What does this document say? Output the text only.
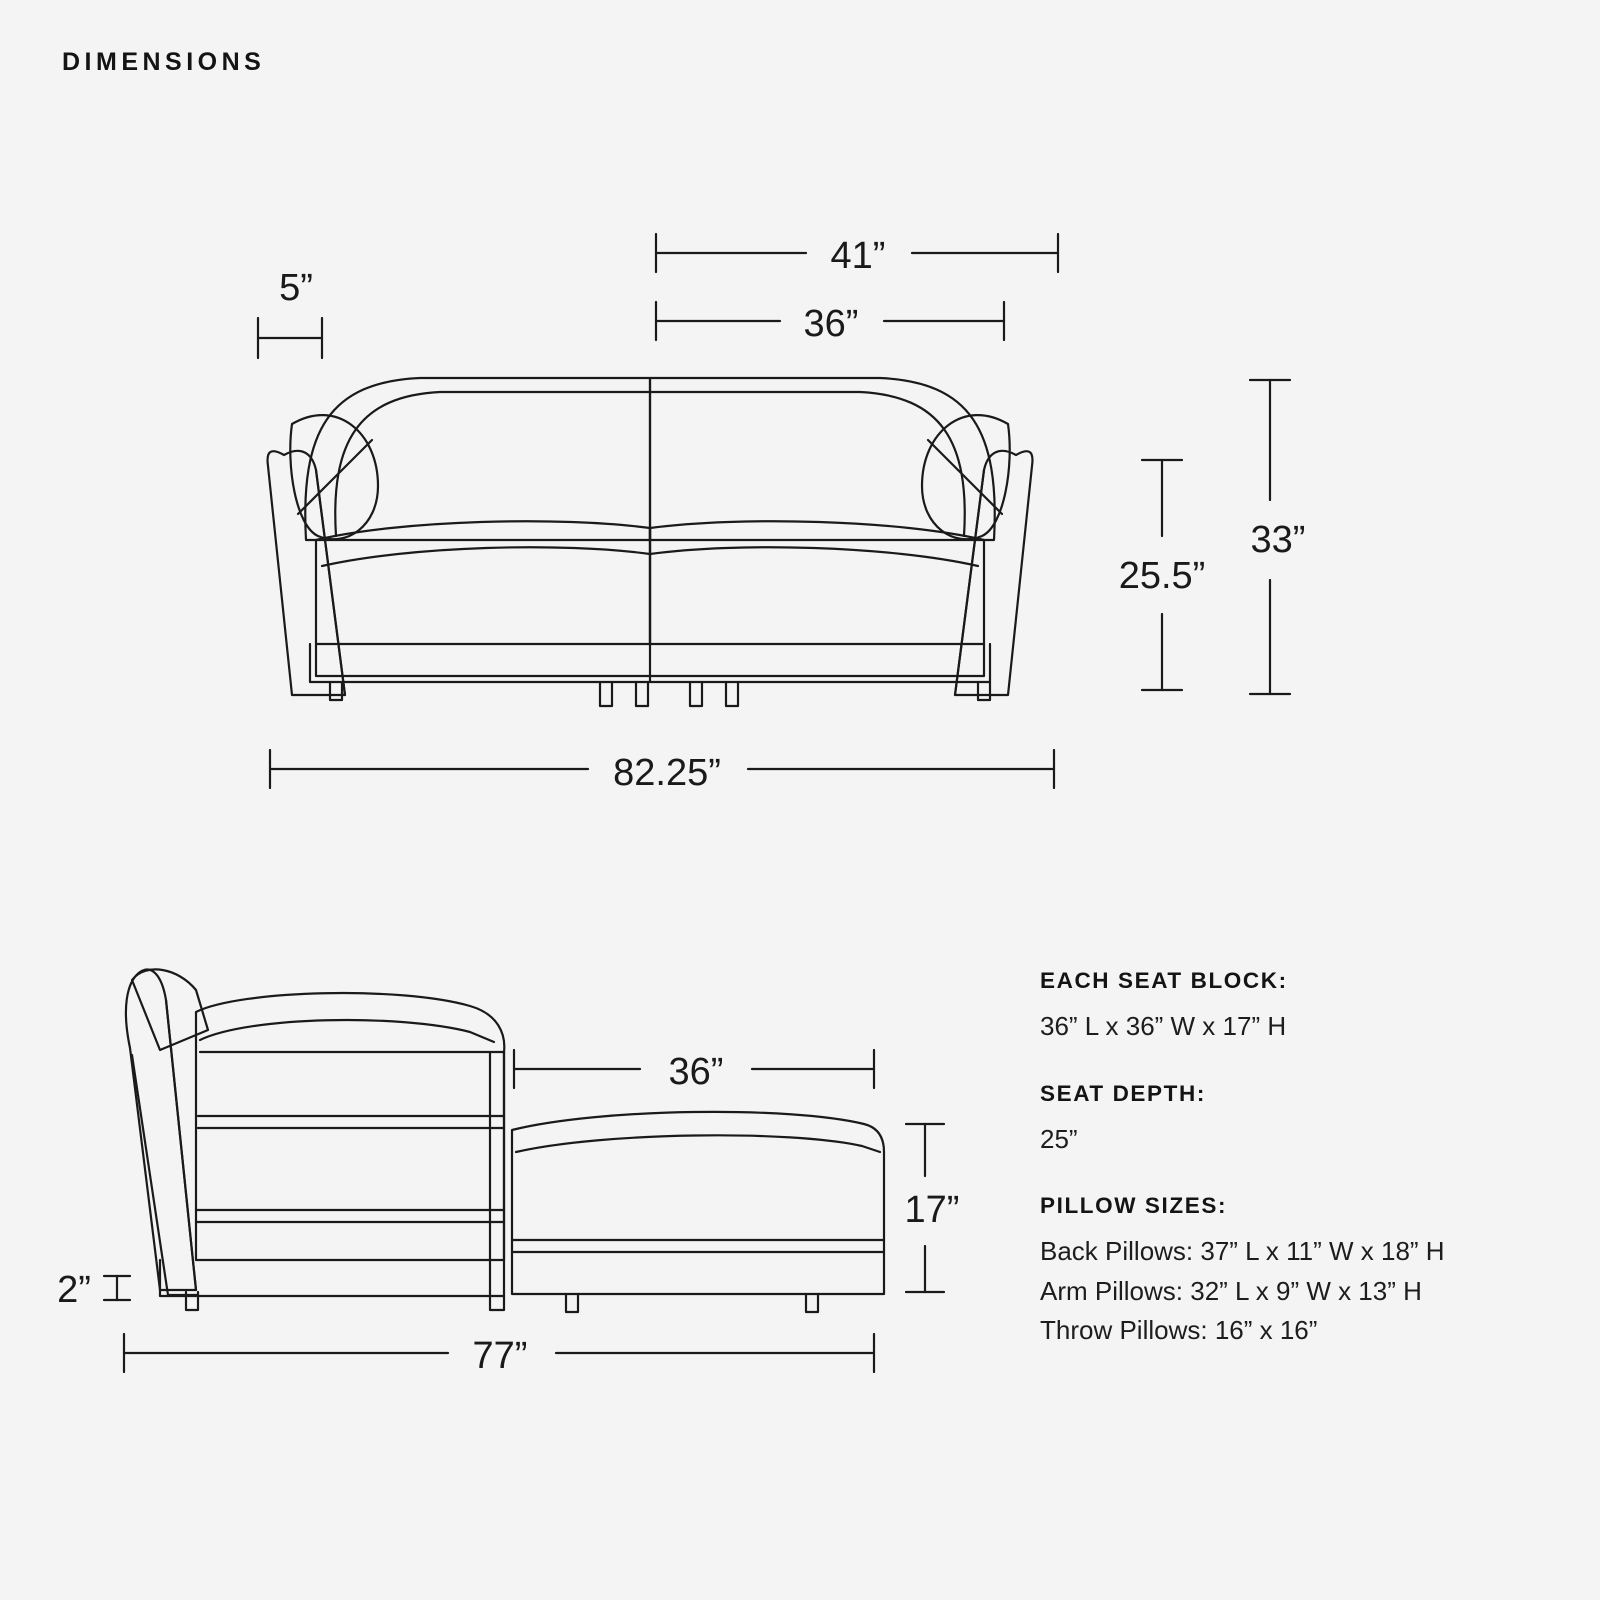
DIMENSIONS
5”
41”
36”
25.5”
33”
82.25”
36”
17”
2”
77”
EACH SEAT BLOCK:
36” L x 36” W x 17” H
SEAT DEPTH:
25”
PILLOW SIZES:
Back Pillows: 37” L x 11” W x 18” H
Arm Pillows: 32” L x 9” W x 13” H
Throw Pillows: 16” x 16”
